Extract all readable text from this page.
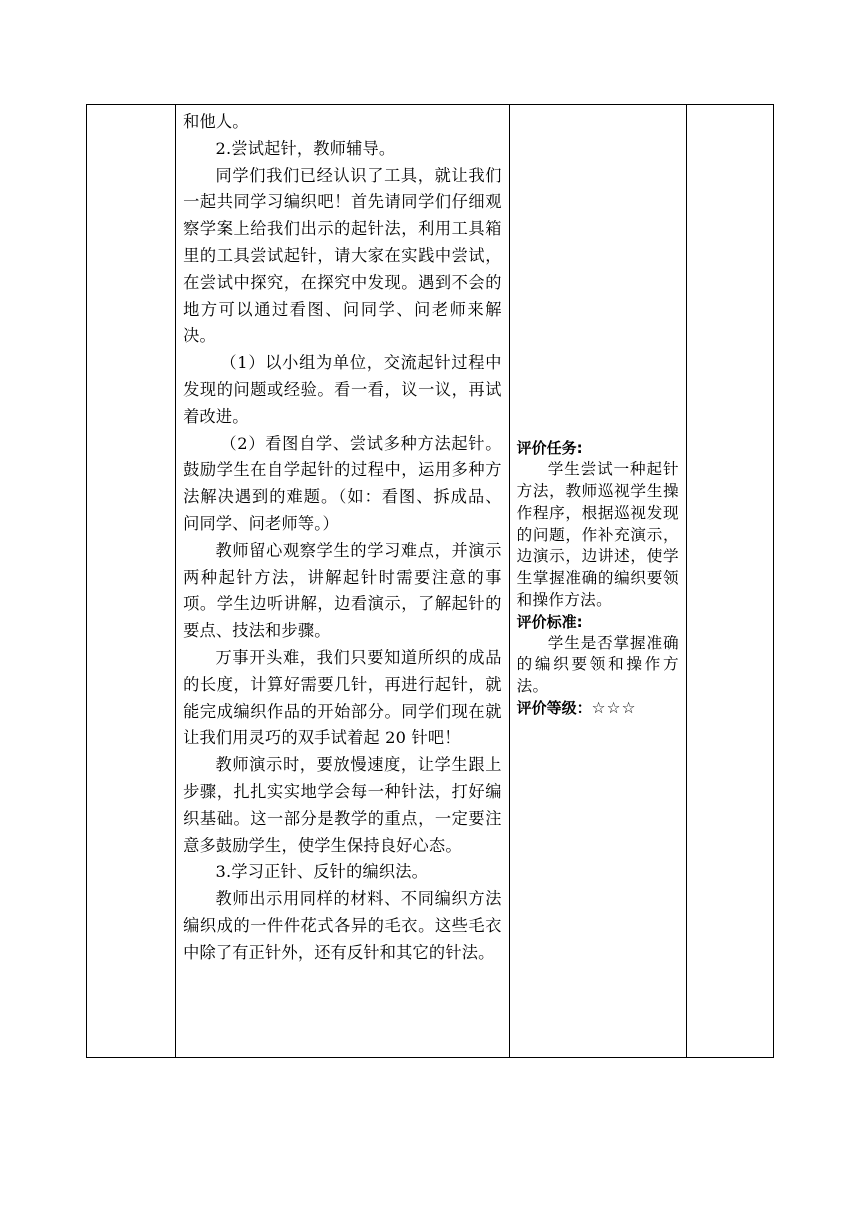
和他人。

2.尝试起针，教师辅导。

同学们我们已经认识了工具，就让我们一起共同学习编织吧！首先请同学们仔细观察学案上给我们出示的起针法，利用工具箱里的工具尝试起针，请大家在实践中尝试，在尝试中探究，在探究中发现。遇到不会的地方可以通过看图、问同学、问老师来解决。

（1）以小组为单位，交流起针过程中发现的问题或经验。看一看，议一议，再试着改进。

（2）看图自学、尝试多种方法起针。鼓励学生在自学起针的过程中，运用多种方法解决遇到的难题。（如：看图、拆成品、问同学、问老师等。）

教师留心观察学生的学习难点，并演示两种起针方法，讲解起针时需要注意的事项。学生边听讲解，边看演示，了解起针的要点、技法和步骤。

万事开头难，我们只要知道所织的成品的长度，计算好需要几针，再进行起针，就能完成编织作品的开始部分。同学们现在就让我们用灵巧的双手试着起 20 针吧！

教师演示时，要放慢速度，让学生跟上步骤，扎扎实实地学会每一种针法，打好编织基础。这一部分是教学的重点，一定要注意多鼓励学生，使学生保持良好心态。

3.学习正针、反针的编织法。

教师出示用同样的材料、不同编织方法编织成的一件件花式各异的毛衣。这些毛衣中除了有正针外，还有反针和其它的针法。

评价任务:

学生尝试一种起针方法，教师巡视学生操作程序，根据巡视发现的问题，作补充演示，边演示，边讲述，使学生掌握准确的编织要领和操作方法。

评价标准:

学生是否掌握准确的编织要领和操作方法。

评价等级：☆☆☆
